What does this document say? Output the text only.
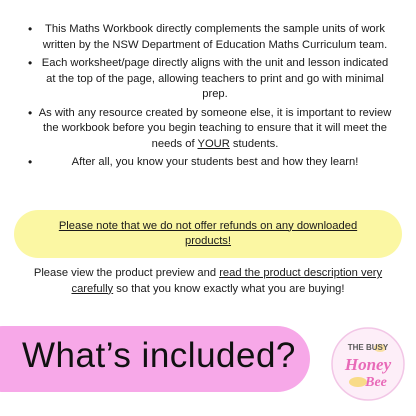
• This Maths Workbook directly complements the sample units of work written by the NSW Department of Education Maths Curriculum team.
• Each worksheet/page directly aligns with the unit and lesson indicated at the top of the page, allowing teachers to print and go with minimal prep.
• As with any resource created by someone else, it is important to review the workbook before you begin teaching to ensure that it will meet the needs of YOUR students.
•	After all, you know your students best and how they learn!
Please note that we do not offer refunds on any downloaded products!
Please view the product preview and read the product description very carefully so that you know exactly what you are buying!
What’s included?	THE BUSY
Honey
Bee
